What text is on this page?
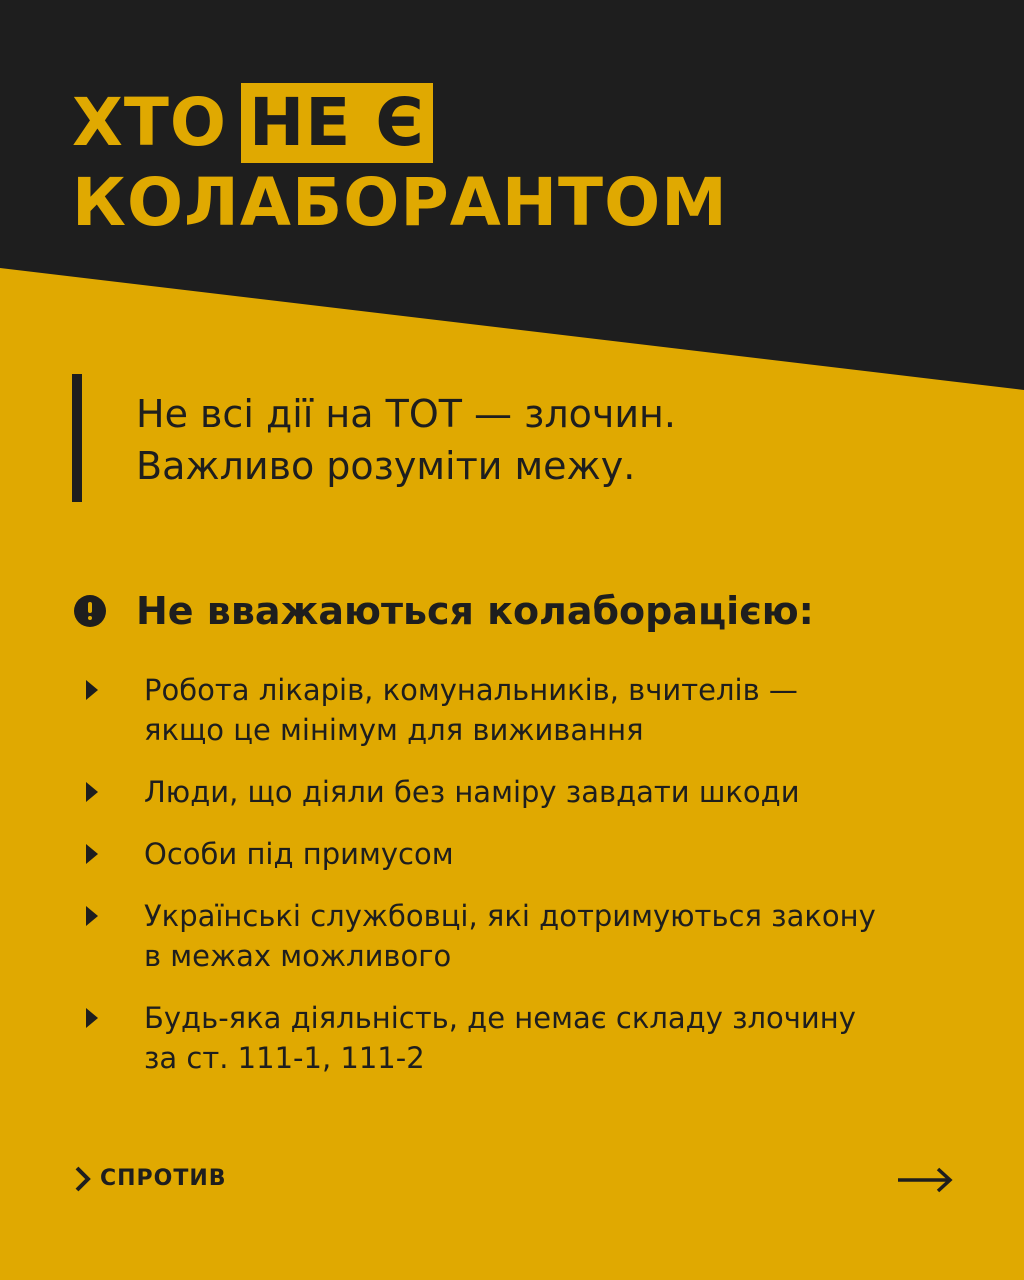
ХТО НЕ Є
КОЛАБОРАНТОМ
Не всі дії на ТОТ — злочин.
Важливо розуміти межу.
Не вважаються колаборацією:
Робота лікарів, комунальників, вчителів —
якщо це мінімум для виживання
Люди, що діяли без наміру завдати шкоди
Особи під примусом
Українські службовці, які дотримуються закону
в межах можливого
Будь-яка діяльність, де немає складу злочину
за ст. 111-1, 111-2
СПРОТИВ
